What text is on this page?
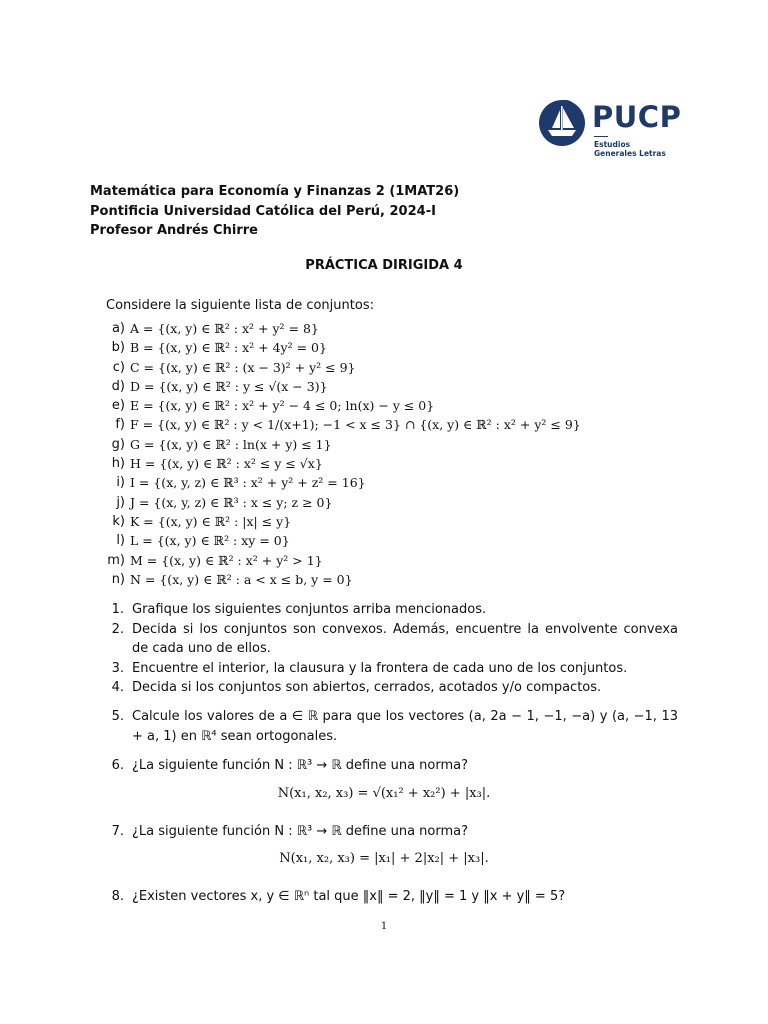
PUCP
Estudios
Generales Letras
Matemática para Economía y Finanzas 2 (1MAT26)
Pontificia Universidad Católica del Perú, 2024-I
Profesor Andrés Chirre
PRÁCTICA DIRIGIDA 4
Considere la siguiente lista de conjuntos:
a) A = {(x, y) ∈ ℝ² : x² + y² = 8}
b) B = {(x, y) ∈ ℝ² : x² + 4y² = 0}
c) C = {(x, y) ∈ ℝ² : (x − 3)² + y² ≤ 9}
d) D = {(x, y) ∈ ℝ² : y ≤ √(x − 3)}
e) E = {(x, y) ∈ ℝ² : x² + y² − 4 ≤ 0; ln(x) − y ≤ 0}
f) F = {(x, y) ∈ ℝ² : y < 1/(x+1); −1 < x ≤ 3} ∩ {(x, y) ∈ ℝ² : x² + y² ≤ 9}
g) G = {(x, y) ∈ ℝ² : ln(x + y) ≤ 1}
h) H = {(x, y) ∈ ℝ² : x² ≤ y ≤ √x}
i) I = {(x, y, z) ∈ ℝ³ : x² + y² + z² = 16}
j) J = {(x, y, z) ∈ ℝ³ : x ≤ y; z ≥ 0}
k) K = {(x, y) ∈ ℝ² : |x| ≤ y}
l) L = {(x, y) ∈ ℝ² : xy = 0}
m) M = {(x, y) ∈ ℝ² : x² + y² > 1}
n) N = {(x, y) ∈ ℝ² : a < x ≤ b, y = 0}
1. Grafique los siguientes conjuntos arriba mencionados.
2. Decida si los conjuntos son convexos. Además, encuentre la envolvente convexa de cada uno de ellos.
3. Encuentre el interior, la clausura y la frontera de cada uno de los conjuntos.
4. Decida si los conjuntos son abiertos, cerrados, acotados y/o compactos.
5. Calcule los valores de a ∈ ℝ para que los vectores (a, 2a − 1, −1, −a) y (a, −1, 13 + a, 1) en ℝ⁴ sean ortogonales.
6. ¿La siguiente función N : ℝ³ → ℝ define una norma?
N(x₁, x₂, x₃) = √(x₁² + x₂²) + |x₃|.
7. ¿La siguiente función N : ℝ³ → ℝ define una norma?
N(x₁, x₂, x₃) = |x₁| + 2|x₂| + |x₃|.
8. ¿Existen vectores x, y ∈ ℝⁿ tal que ‖x‖ = 2, ‖y‖ = 1 y ‖x + y‖ = 5?
1
